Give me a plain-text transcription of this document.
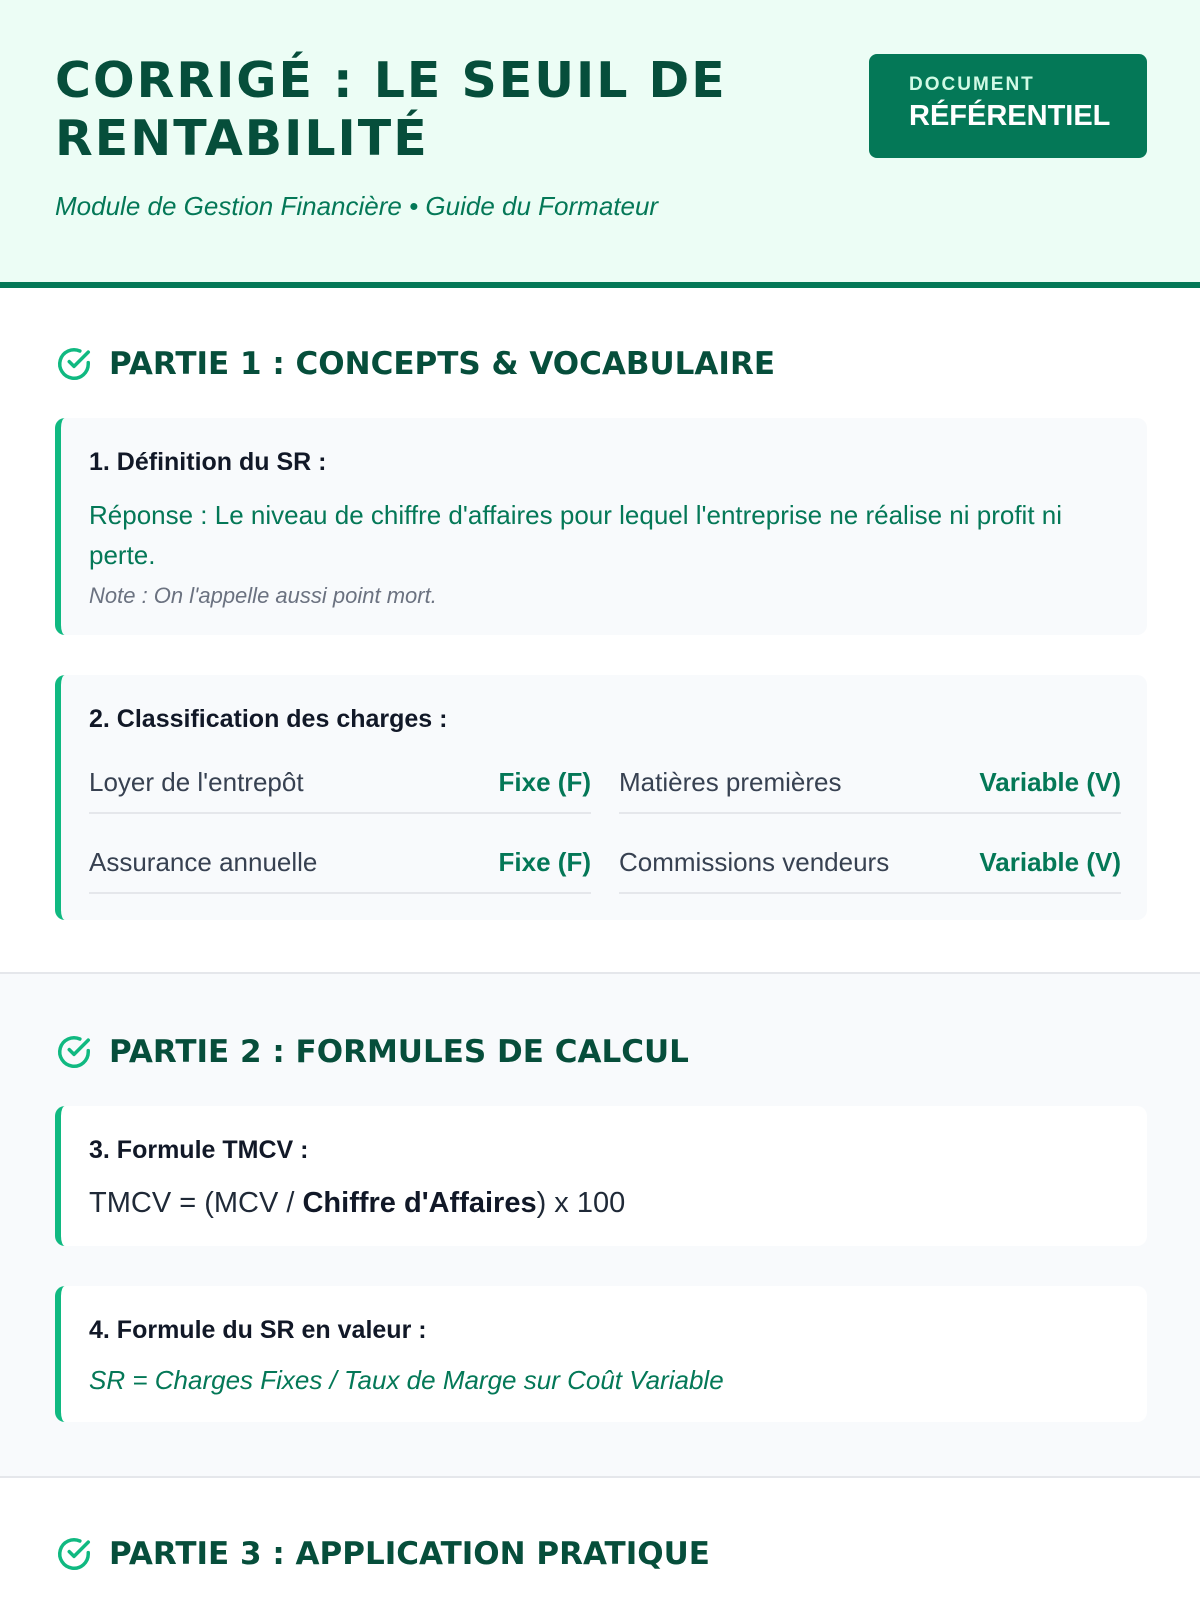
CORRIGÉ : LE SEUIL DE RENTABILITÉ

Module de Gestion Financière • Guide du Formateur

DOCUMENT
RÉFÉRENTIEL
PARTIE 1 : CONCEPTS & VOCABULAIRE
1. Définition du SR :
Réponse : Le niveau de chiffre d'affaires pour lequel l'entreprise ne réalise ni profit ni perte.
Note : On l'appelle aussi point mort.
2. Classification des charges :
Loyer de l'entrepôt	Fixe (F) Matières premières	Variable (V)
Assurance annuelle	Fixe (F) Commissions vendeurs	Variable (V)
PARTIE 2 : FORMULES DE CALCUL
3. Formule TMCV :
TMCV = (MCV / Chiffre d'Affaires) x 100
4. Formule du SR en valeur :
SR = Charges Fixes / Taux de Marge sur Coût Variable
PARTIE 3 : APPLICATION PRATIQUE
